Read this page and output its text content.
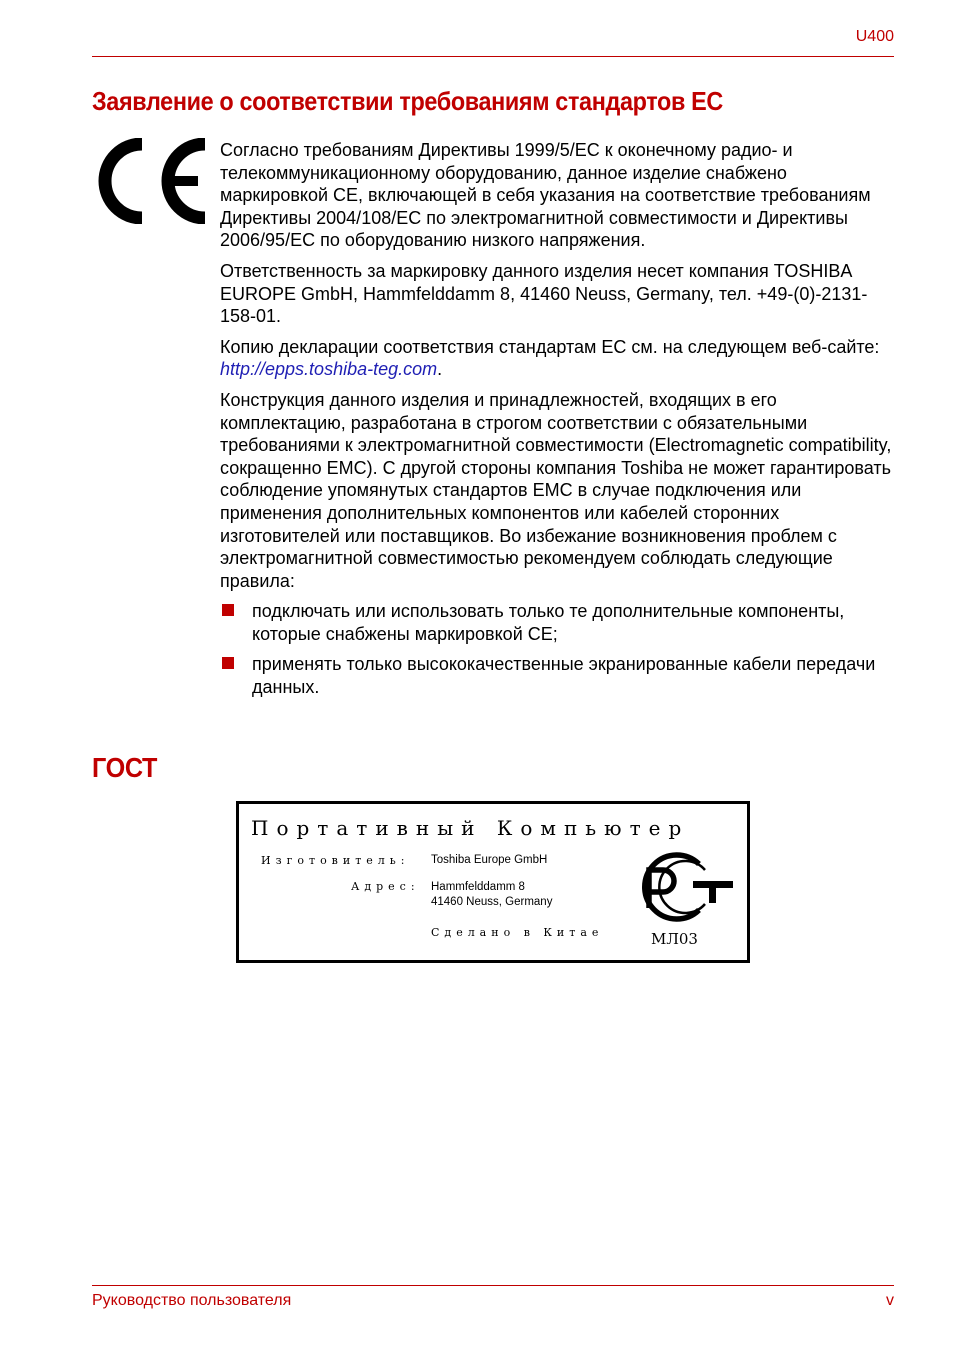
U400
Заявление о соответствии требованиям стандартов ЕС

Согласно требованиям Директивы 1999/5/EC к оконечному радио- и телекоммуникационному оборудованию, данное изделие снабжено маркировкой CE, включающей в себя указания на соответствие требованиям Директивы 2004/108/EC по электромагнитной совместимости и Директивы 2006/95/EC по оборудованию низкого напряжения.

Ответственность за маркировку данного изделия несет компания TOSHIBA EUROPE GmbH, Hammfelddamm 8, 41460 Neuss, Germany, тел. +49-(0)-2131-158-01.

Копию декларации соответствия стандартам ЕС см. на следующем веб-сайте: http://epps.toshiba-teg.com.

Конструкция данного изделия и принадлежностей, входящих в его комплектацию, разработана в строгом соответствии с обязательными требованиями к электромагнитной совместимости (Electromagnetic compatibility, сокращенно EMC). С другой стороны компания Toshiba не может гарантировать соблюдение упомянутых стандартов EMC в случае подключения или применения дополнительных компонентов или кабелей сторонних изготовителей или поставщиков. Во избежание возникновения проблем с электромагнитной совместимостью рекомендуем соблюдать следующие правила:

подключать или использовать только те дополнительные компоненты, которые снабжены маркировкой CE;
применять только высококачественные экранированные кабели передачи данных.
ГОСТ
Портативный Компьютер
Изготовитель: Toshiba Europe GmbH
Адрес: Hammfelddamm 8
41460 Neuss, Germany
Сделано в Китае	МЛ03
Руководство пользователя	v
